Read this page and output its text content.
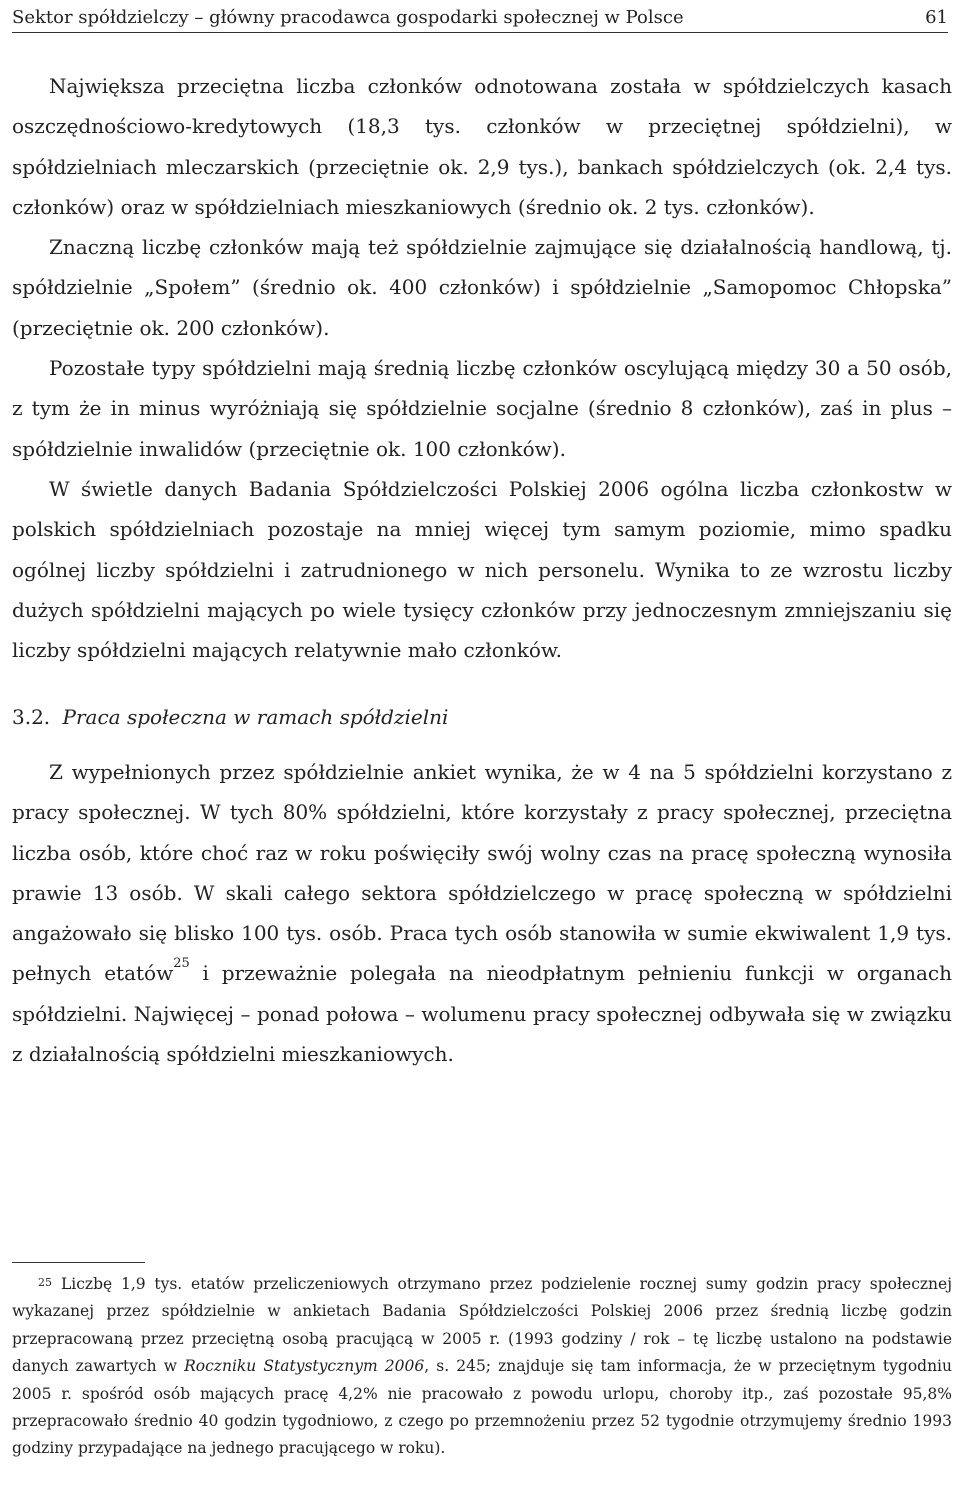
Sektor spółdzielczy – główny pracodawca gospodarki społecznej w Polsce	61

Największa przeciętna liczba członków odnotowana została w spółdzielczych kasach oszczędnościowo-kredytowych (18,3 tys. członków w przeciętnej spółdzielni), w spółdzielniach mleczarskich (przeciętnie ok. 2,9 tys.), bankach spółdzielczych (ok. 2,4 tys. członków) oraz w spółdzielniach mieszkaniowych (średnio ok. 2 tys. członków).

Znaczną liczbę członków mają też spółdzielnie zajmujące się działalnością handlową, tj. spółdzielnie „Społem” (średnio ok. 400 członków) i spółdzielnie „Samopomoc Chłopska” (przeciętnie ok. 200 członków).

Pozostałe typy spółdzielni mają średnią liczbę członków oscylującą między 30 a 50 osób, z tym że in minus wyróżniają się spółdzielnie socjalne (średnio 8 członków), zaś in plus – spółdzielnie inwalidów (przeciętnie ok. 100 członków).

W świetle danych Badania Spółdzielczości Polskiej 2006 ogólna liczba członkostw w polskich spółdzielniach pozostaje na mniej więcej tym samym poziomie, mimo spadku ogólnej liczby spółdzielni i zatrudnionego w nich personelu. Wynika to ze wzrostu liczby dużych spółdzielni mających po wiele tysięcy członków przy jednoczesnym zmniejszaniu się liczby spółdzielni mających relatywnie mało członków.

3.2. Praca społeczna w ramach spółdzielni

Z wypełnionych przez spółdzielnie ankiet wynika, że w 4 na 5 spółdzielni korzystano z pracy społecznej. W tych 80% spółdzielni, które korzystały z pracy społecznej, przeciętna liczba osób, które choć raz w roku poświęciły swój wolny czas na pracę społeczną wynosiła prawie 13 osób. W skali całego sektora spółdzielczego w pracę społeczną w spółdzielni angażowało się blisko 100 tys. osób. Praca tych osób stanowiła w sumie ekwiwalent 1,9 tys. pełnych etatów$^{25}$ i przeważnie polegała na nieodpłatnym pełnieniu funkcji w organach spółdzielni. Najwięcej – ponad połowa – wolumenu pracy społecznej odbywała się w związku z działalnością spółdzielni mieszkaniowych.

$^{25}$ Liczbę 1,9 tys. etatów przeliczeniowych otrzymano przez podzielenie rocznej sumy godzin pracy społecznej wykazanej przez spółdzielnie w ankietach Badania Spółdzielczości Polskiej 2006 przez średnią liczbę godzin przepracowaną przez przeciętną osobą pracującą w 2005 r. (1993 godziny / rok – tę liczbę ustalono na podstawie danych zawartych w Roczniku Statystycznym 2006, s. 245; znajduje się tam informacja, że w przeciętnym tygodniu 2005 r. spośród osób mających pracę 4,2% nie pracowało z powodu urlopu, choroby itp., zaś pozostałe 95,8% przepracowało średnio 40 godzin tygodniowo, z czego po przemnożeniu przez 52 tygodnie otrzymujemy średnio 1993 godziny przypadające na jednego pracującego w roku).
